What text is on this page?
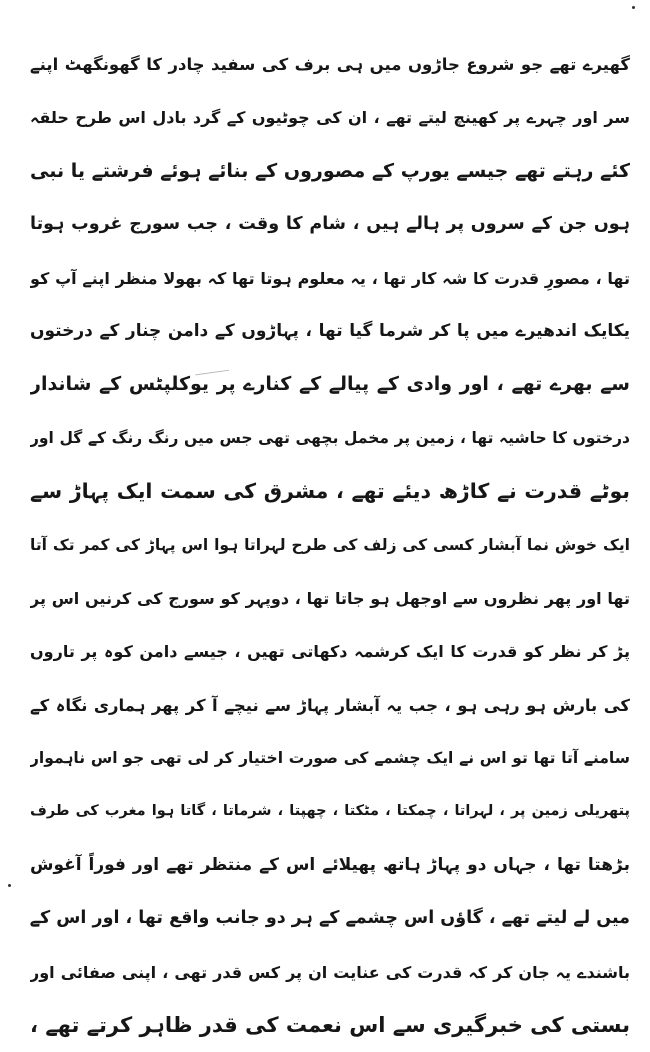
گھیرے تھے جو شروع جاڑوں میں ہی برف کی سفید چادر کا گھونگھٹ اپنے
سر اور چہرے پر کھینچ لیتے تھے ، ان کی چوٹیوں کے گرد بادل اس طرح حلقہ
کئے رہتے تھے جیسے یورپ کے مصوروں کے بنائے ہوئے فرشتے یا نبی
ہوں جن کے سروں پر ہالے ہیں ، شام کا وقت ، جب سورج غروب ہوتا
تھا ، مصورِ قدرت کا شہ کار تھا ، یہ معلوم ہوتا تھا کہ بھولا منظر اپنے آپ کو
یکایک اندھیرے میں پا کر شرما گیا تھا ، پہاڑوں کے دامن چنار کے درختوں
سے بھرے تھے ، اور وادی کے پیالے کے کنارے پر یوکلپٹس کے شاندار
درختوں کا حاشیہ تھا ، زمین پر مخمل بچھی تھی جس میں رنگ رنگ کے گل اور
بوٹے قدرت نے کاڑھ دیئے تھے ، مشرق کی سمت ایک پہاڑ سے
ایک خوش نما آبشار کسی کی زلف کی طرح لہراتا ہوا اس پہاڑ کی کمر تک آتا
تھا اور پھر نظروں سے اوجھل ہو جاتا تھا ، دوپہر کو سورج کی کرنیں اس پر
پڑ کر نظر کو قدرت کا ایک کرشمہ دکھاتی تھیں ، جیسے دامن کوہ پر تاروں
کی بارش ہو رہی ہو ، جب یہ آبشار پہاڑ سے نیچے آ کر پھر ہماری نگاہ کے
سامنے آتا تھا تو اس نے ایک چشمے کی صورت اختیار کر لی تھی جو اس ناہموار
پتھریلی زمین پر ، لہراتا ، چمکتا ، مٹکتا ، چھپتا ، شرماتا ، گاتا ہوا مغرب کی طرف
بڑھتا تھا ، جہاں دو پہاڑ ہاتھ پھیلائے اس کے منتظر تھے اور فوراً آغوش
میں لے لیتے تھے ، گاؤں اس چشمے کے ہر دو جانب واقع تھا ، اور اس کے
باشندے یہ جان کر کہ قدرت کی عنایت ان پر کس قدر تھی ، اپنی صفائی اور
بستی کی خبرگیری سے اس نعمت کی قدر ظاہر کرتے تھے ،
